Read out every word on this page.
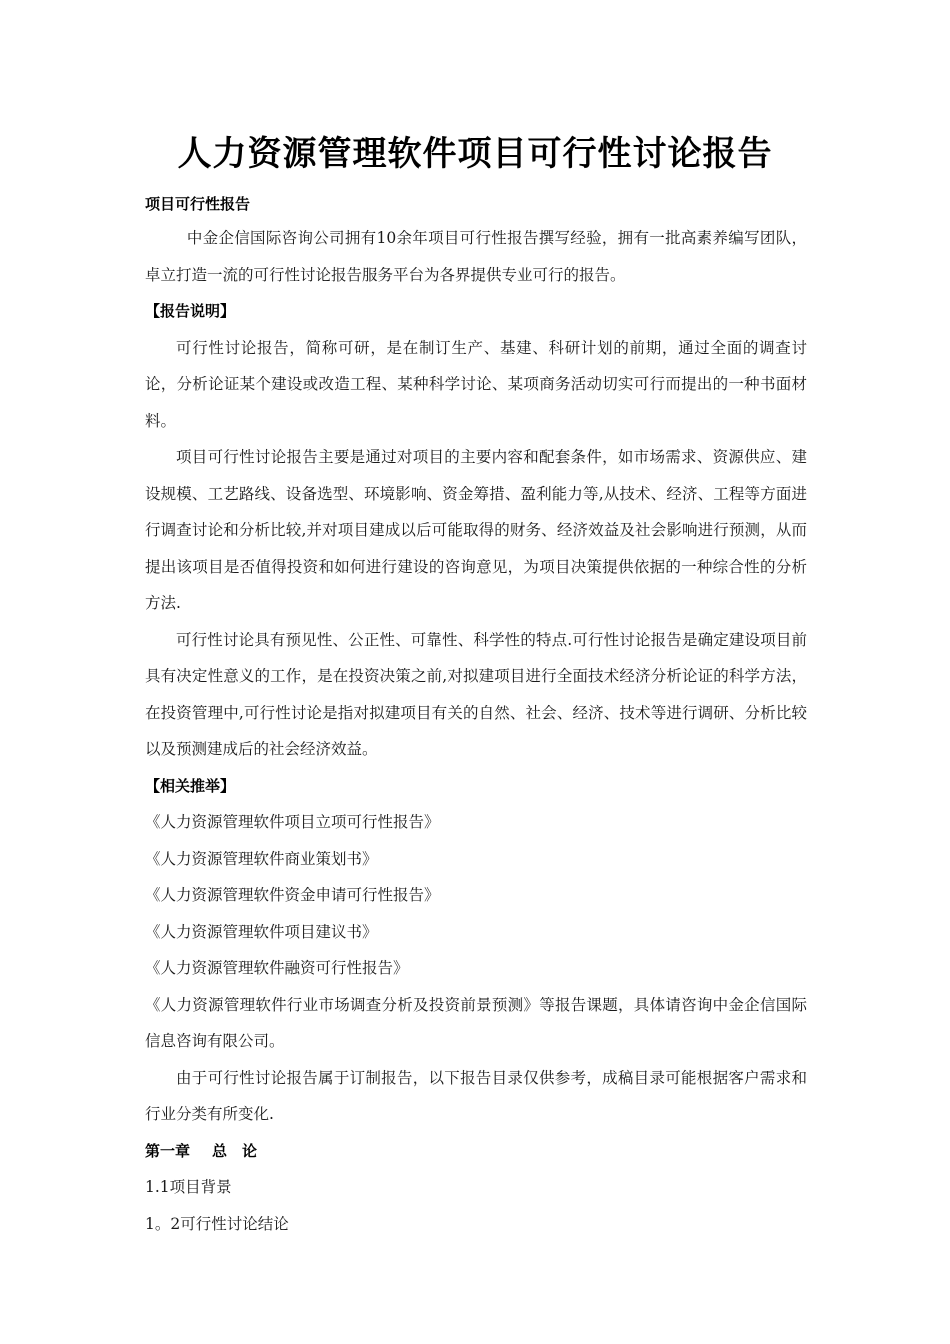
人力资源管理软件项目可行性讨论报告

项目可行性报告

中金企信国际咨询公司拥有10余年项目可行性报告撰写经验，拥有一批高素养编写团队，卓立打造一流的可行性讨论报告服务平台为各界提供专业可行的报告。

【报告说明】

可行性讨论报告，简称可研，是在制订生产、基建、科研计划的前期，通过全面的调查讨论，分析论证某个建设或改造工程、某种科学讨论、某项商务活动切实可行而提出的一种书面材料。

项目可行性讨论报告主要是通过对项目的主要内容和配套条件，如市场需求、资源供应、建设规模、工艺路线、设备选型、环境影响、资金筹措、盈利能力等,从技术、经济、工程等方面进行调查讨论和分析比较,并对项目建成以后可能取得的财务、经济效益及社会影响进行预测，从而提出该项目是否值得投资和如何进行建设的咨询意见，为项目决策提供依据的一种综合性的分析方法.

可行性讨论具有预见性、公正性、可靠性、科学性的特点.可行性讨论报告是确定建设项目前具有决定性意义的工作，是在投资决策之前,对拟建项目进行全面技术经济分析论证的科学方法，在投资管理中,可行性讨论是指对拟建项目有关的自然、社会、经济、技术等进行调研、分析比较以及预测建成后的社会经济效益。

【相关推举】

《人力资源管理软件项目立项可行性报告》

《人力资源管理软件商业策划书》

《人力资源管理软件资金申请可行性报告》

《人力资源管理软件项目建议书》

《人力资源管理软件融资可行性报告》

《人力资源管理软件行业市场调查分析及投资前景预测》等报告课题，具体请咨询中金企信国际信息咨询有限公司。

由于可行性讨论报告属于订制报告，以下报告目录仅供参考，成稿目录可能根据客户需求和行业分类有所变化.

第一章 总　论

1.1项目背景

1。2可行性讨论结论
